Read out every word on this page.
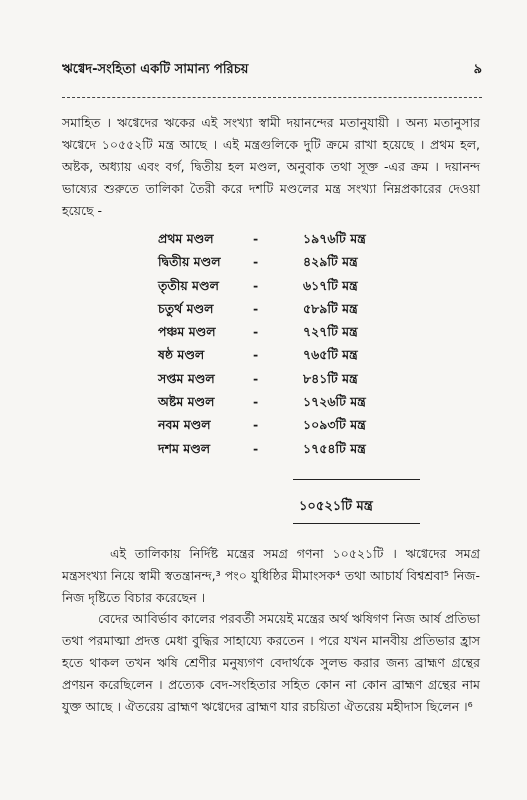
ঋগ্বেদ-সংহিতা একটি সামান্য পরিচয়	৯
সমাহিত । ঋগ্বেদের ঋকের এই সংখ্যা স্বামী দয়ানন্দের মতানুযায়ী । অন্য মতানুসার ঋগ্বেদে ১০৫৫২টি মন্ত্র আছে । এই মন্ত্রগুলিকে দুটি ক্রমে রাখা হয়েছে । প্রথম হল, অষ্টক, অধ্যায় এবং বর্গ, দ্বিতীয় হল মণ্ডল, অনুবাক তথা সূক্ত -এর ক্রম । দয়ানন্দ ভাষ্যের শুরুতে তালিকা তৈরী করে দশটি মণ্ডলের মন্ত্র সংখ্যা নিম্নপ্রকারের দেওয়া হয়েছে -
প্রথম মণ্ডল	-	১৯৭৬টি মন্ত্র
দ্বিতীয় মণ্ডল	-	৪২৯টি মন্ত্র
তৃতীয় মণ্ডল	-	৬১৭টি মন্ত্র
চতুর্থ মণ্ডল	-	৫৮৯টি মন্ত্র
পঞ্চম মণ্ডল	-	৭২৭টি মন্ত্র
ষষ্ঠ মণ্ডল	-	৭৬৫টি মন্ত্র
সপ্তম মণ্ডল	-	৮৪১টি মন্ত্র
অষ্টম মণ্ডল	-	১৭২৬টি মন্ত্র
নবম মণ্ডল	-	১০৯৩টি মন্ত্র
দশম মণ্ডল	-	১৭৫৪টি মন্ত্র
১০৫২১টি মন্ত্র
এই তালিকায় নির্দিষ্ট মন্ত্রের সমগ্র গণনা ১০৫২১টি । ঋগ্বেদের সমগ্র মন্ত্রসংখ্যা নিয়ে স্বামী স্বতন্ত্রানন্দ,³ পং০ যুধিষ্ঠির মীমাংসক⁴ তথা আচার্য বিশ্বশ্রবা⁵ নিজ-নিজ দৃষ্টিতে বিচার করেছেন ।
বেদের আবির্ভাব কালের পরবর্তী সময়েই মন্ত্রের অর্থ ঋষিগণ নিজ আর্ষ প্রতিভা তথা পরমাত্মা প্রদত্ত মেধা বুদ্ধির সাহায্যে করতেন । পরে যখন মানবীয় প্রতিভার হ্রাস হতে থাকল তখন ঋষি শ্রেণীর মনুষ্যগণ বেদার্থকে সুলভ করার জন্য ব্রাহ্মণ গ্রন্থের প্রণয়ন করেছিলেন । প্রত্যেক বেদ-সংহিতার সহিত কোন না কোন ব্রাহ্মণ গ্রন্থের নাম যুক্ত আছে । ঐতরেয় ব্রাহ্মণ ঋগ্বেদের ব্রাহ্মণ যার রচয়িতা ঐতরেয় মহীদাস ছিলেন ।⁶
